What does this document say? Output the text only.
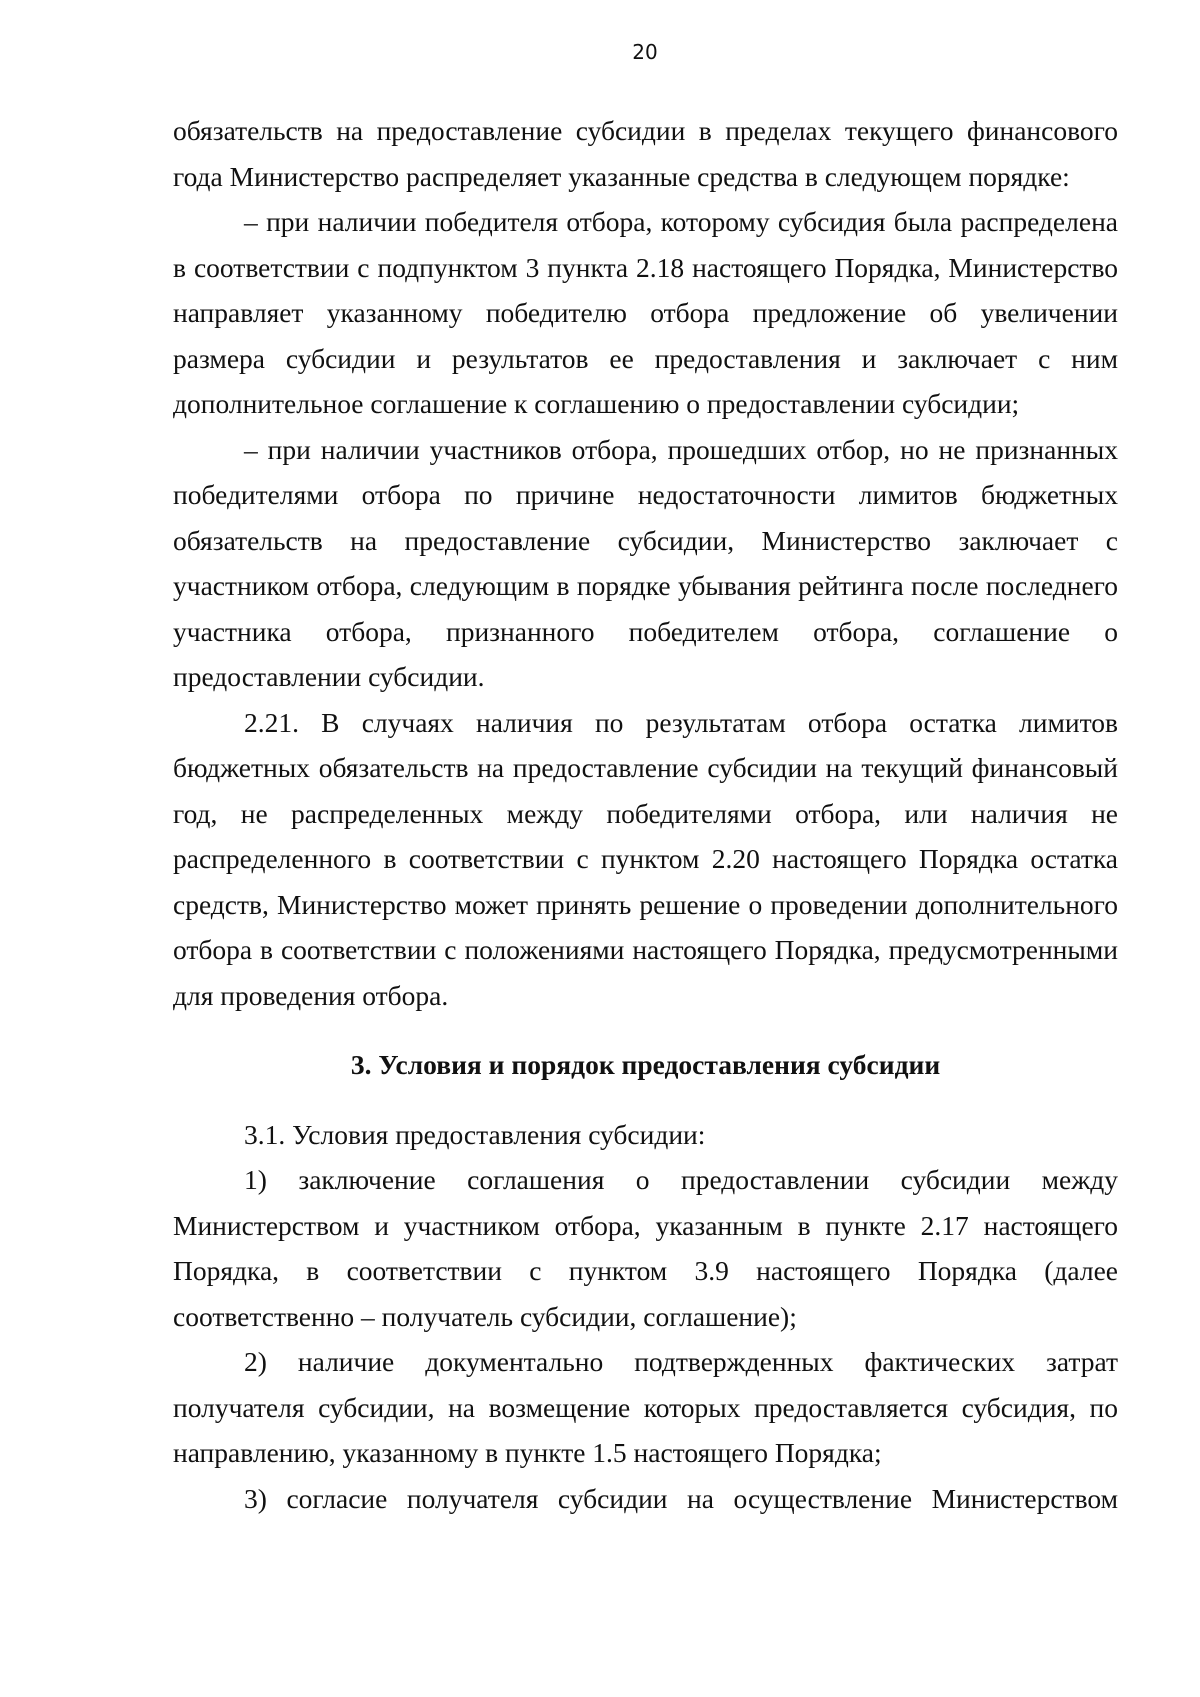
20

обязательств на предоставление субсидии в пределах текущего финансового года Министерство распределяет указанные средства в следующем порядке:

– при наличии победителя отбора, которому субсидия была распределена в соответствии с подпунктом 3 пункта 2.18 настоящего Порядка, Министерство направляет указанному победителю отбора предложение об увеличении размера субсидии и результатов ее предоставления и заключает с ним дополнительное соглашение к соглашению о предоставлении субсидии;

– при наличии участников отбора, прошедших отбор, но не признанных победителями отбора по причине недостаточности лимитов бюджетных обязательств на предоставление субсидии, Министерство заключает с участником отбора, следующим в порядке убывания рейтинга после последнего участника отбора, признанного победителем отбора, соглашение о предоставлении субсидии.

2.21. В случаях наличия по результатам отбора остатка лимитов бюджетных обязательств на предоставление субсидии на текущий финансовый год, не распределенных между победителями отбора, или наличия не распределенного в соответствии с пунктом 2.20 настоящего Порядка остатка средств, Министерство может принять решение о проведении дополнительного отбора в соответствии с положениями настоящего Порядка, предусмотренными для проведения отбора.

3. Условия и порядок предоставления субсидии

3.1. Условия предоставления субсидии:

1) заключение соглашения о предоставлении субсидии между Министерством и участником отбора, указанным в пункте 2.17 настоящего Порядка, в соответствии с пунктом 3.9 настоящего Порядка (далее соответственно – получатель субсидии, соглашение);

2) наличие документально подтвержденных фактических затрат получателя субсидии, на возмещение которых предоставляется субсидия, по направлению, указанному в пункте 1.5 настоящего Порядка;

3) согласие получателя субсидии на осуществление Министерством
